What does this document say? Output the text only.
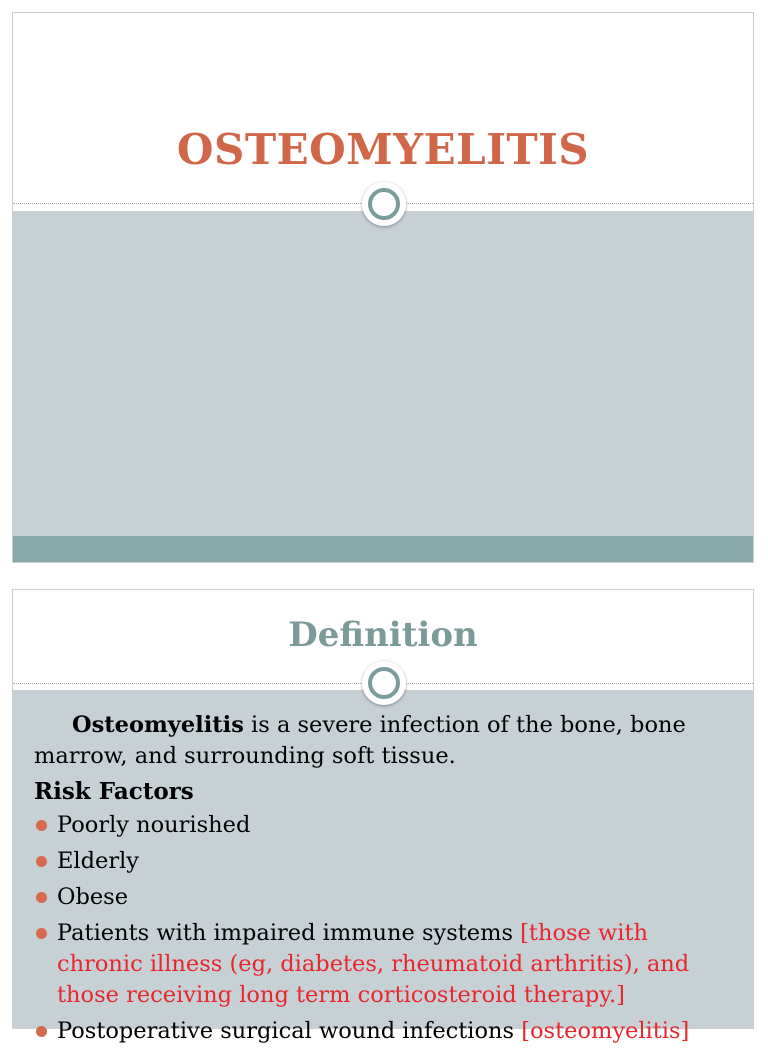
OSTEOMYELITIS
Definition

Osteomyelitis is a severe infection of the bone, bone marrow, and surrounding soft tissue.

Risk Factors
Poorly nourished
Elderly
Obese
Patients with impaired immune systems [those with chronic illness (eg, diabetes, rheumatoid arthritis), and those receiving long term corticosteroid therapy.]
Postoperative surgical wound infections [osteomyelitis]
